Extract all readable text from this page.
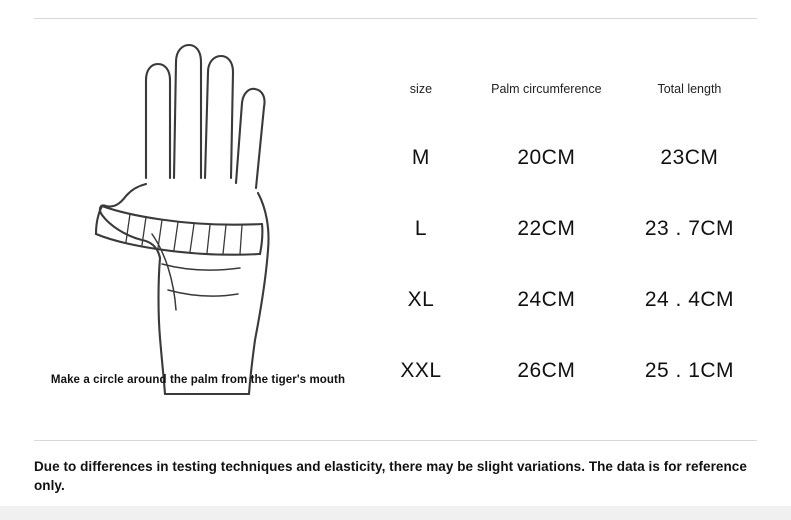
Make a circle around the palm from the tiger's mouth
size	Palm circumference	Total length
M	20CM	23CM
L	22CM	23 . 7CM
XL	24CM	24 . 4CM
XXL	26CM	25 . 1CM
Due to differences in testing techniques and elasticity, there may be slight variations. The data is for reference only.
